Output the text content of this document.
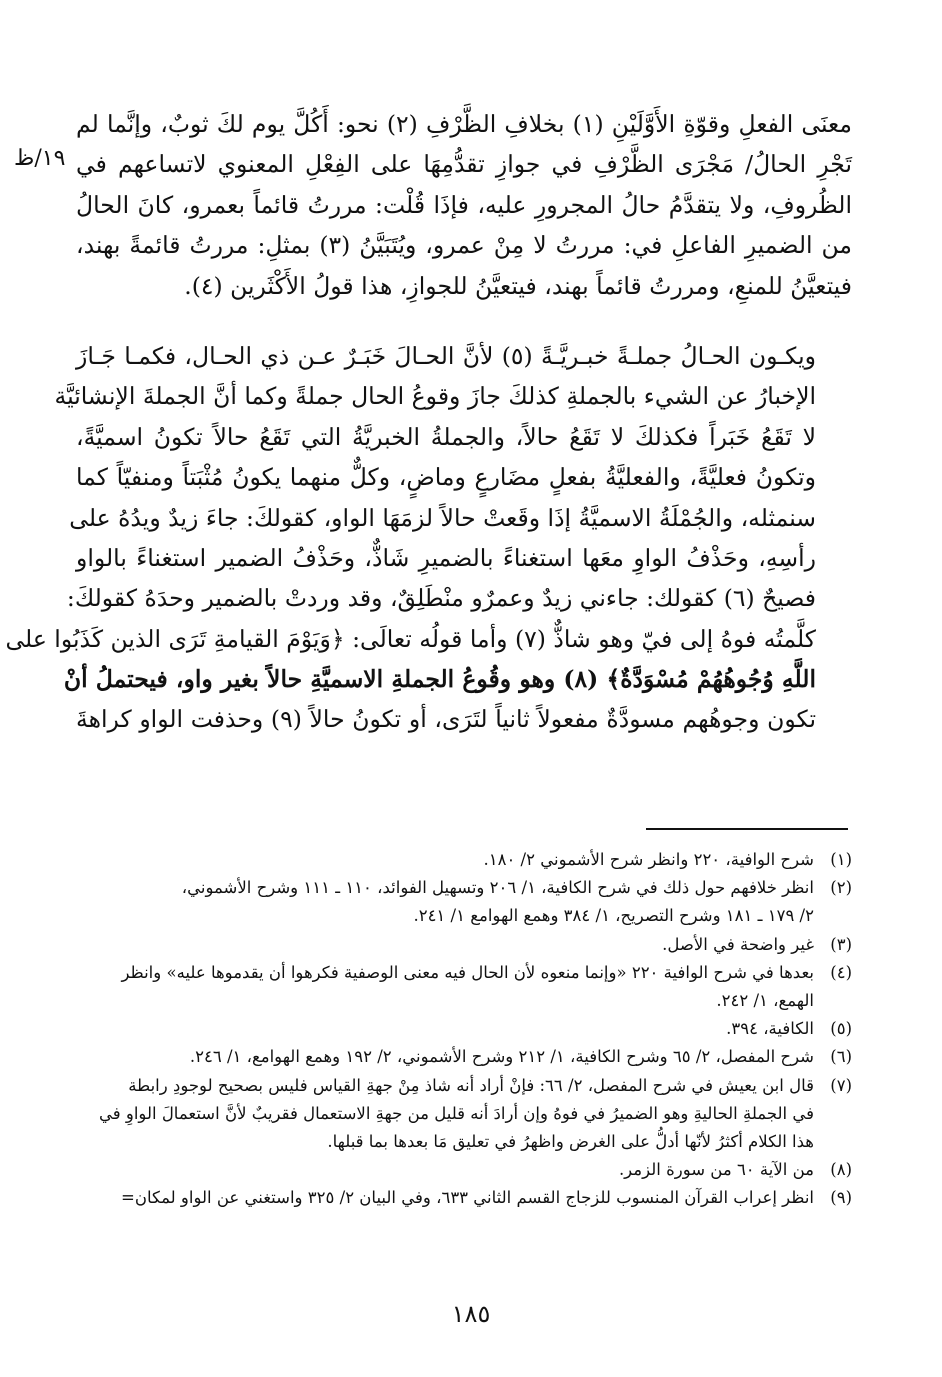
١٩/ظ

معنَى الفعلِ وقوّةِ الأَوَّلَيْنِ (١) بخلافِ الظَّرْفِ (٢) نحو: أَكُلَّ يوم لكَ ثوبٌ، وإنَّما لم
تَجْرِ الحالُ/ مَجْرَى الظَّرْفِ في جوازِ تقدُّمِهَا على الفِعْلِ المعنوي لاتساعهم في
الظُروفِ، ولا يتقدَّمُ حالُ المجرورِ عليه، فإذَا قُلْت: مررتُ قائماً بعمرو، كانَ الحالُ
من الضميرِ الفاعلِ في: مررتُ لا مِنْ عمرو، ويُتَبَيَّنُ (٣) بمثلِ: مررتُ قائمةً بهند،
فيتعيَّنُ للمنعِ، ومررتُ قائماً بهند، فيتعيَّنُ للجوازِ، هذا قولُ الأَكْثَرين (٤).

ويكـون الحـالُ جملـةً خبـريَّـةً (٥) لأنَّ الحـالَ خَبَـرٌ عـن ذي الحـال، فكمـا جَـازَ
الإخبارُ عن الشيء بالجملةِ كذلكَ جازَ وقوعُ الحال جملةً وكما أنَّ الجملةَ الإنشائيَّة
لا تَقَعُ خَبَراً فكذلكَ لا تَقَعُ حالاً، والجملةُ الخبريَّةُ التي تَقَعُ حالاً تكونُ اسميَّةً،
وتكونُ فعليَّةً، والفعليَّةُ بفعلٍ مضَارعٍ وماضٍ، وكلٌّ منهما يكونُ مُثْبَتاً ومنفيّاً كما
سنمثله، والجُمْلَةُ الاسميَّةُ إذَا وقَعتْ حالاً لزمَهَا الواو، كقولكَ: جاءَ زيدٌ ويدُهُ على
رأسِهِ، وحَذْفُ الواوِ معَها استغناءً بالضميرِ شَاذٌّ، وحَذْفُ الضمير استغناءً بالواو
فصيحٌ (٦) كقولك: جاءني زيدٌ وعمرٌو منْطَلِقٌ، وقد وردتْ بالضمير وحدَهُ كقولكَ:
كلَّمتُه فوهُ إلى فيّ وهو شاذٌّ (٧) وأما قولُه تعالَى: ﴿وَيَوْمَ القيامةِ تَرَى الذين كَذَبُوا على
اللَّهِ وُجُوهُهُمْ مُسْوَدَّةٌ﴾ (٨) وهو وقُوعُ الجملةِ الاسميَّةِ حالاً بغير واو، فيحتملُ أنْ
تكون وجوهُهم مسودَّةٌ مفعولاً ثانياً لتَرَى، أو تكونُ حالاً (٩) وحذفت الواو كراهةَ

(١)
شرح الوافية، ٢٢٠ وانظر شرح الأشموني ٢/ ١٨٠.
(٢)
انظر خلافهم حول ذلك في شرح الكافية، ١/ ٢٠٦ وتسهيل الفوائد، ١١٠ ـ ١١١ وشرح الأشموني،
٢/ ١٧٩ ـ ١٨١ وشرح التصريح، ١/ ٣٨٤ وهمع الهوامع ١/ ٢٤١.
(٣)
غير واضحة في الأصل.
(٤)
بعدها في شرح الوافية ٢٢٠ «وإنما منعوه لأن الحال فيه معنى الوصفية فكرهوا أن يقدموها عليه» وانظر
الهمع، ١/ ٢٤٢.
(٥)
الكافية، ٣٩٤.
(٦)
شرح المفصل، ٢/ ٦٥ وشرح الكافية، ١/ ٢١٢ وشرح الأشموني، ٢/ ١٩٢ وهمع الهوامع، ١/ ٢٤٦.
(٧)
قال ابن يعيش في شرح المفصل، ٢/ ٦٦: فإنْ أراد أنه شاذ مِنْ جهةِ القياس فليس بصحيح لوجودِ رابطة
في الجملةِ الحاليةِ وهو الضميرُ في فوهُ وإن أرادَ أنه قليل من جهةِ الاستعمال فقريبٌ لأنَّ استعمالَ الواوِ في
هذا الكلام أكثرُ لأنّها أدلُّ على الغرض واظهرُ في تعليق مَا بعدها بما قبلها.
(٨)
من الآية ٦٠ من سورة الزمر.
(٩)
انظر إعراب القرآن المنسوب للزجاج القسم الثاني ٦٣٣، وفي البيان ٢/ ٣٢٥ واستغني عن الواو لمكان=
١٨٥
